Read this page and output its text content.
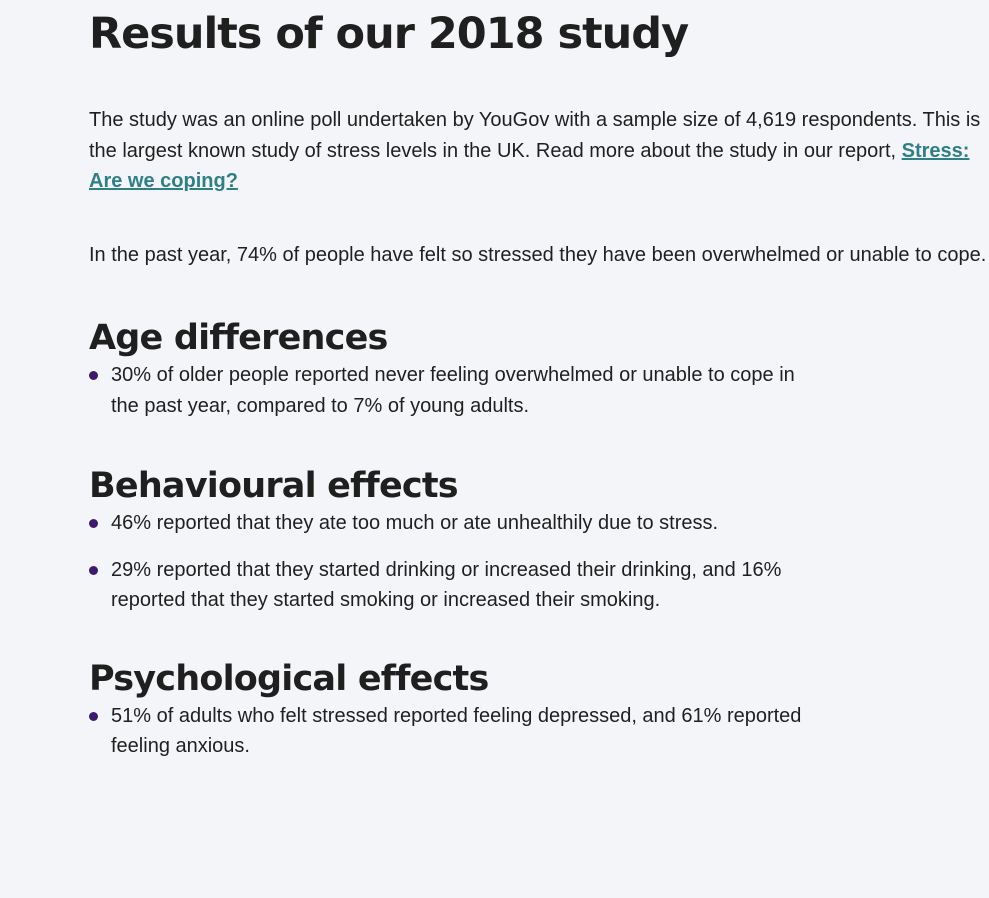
Results of our 2018 study

The study was an online poll undertaken by YouGov with a sample size of 4,619 respondents. This is the largest known study of stress levels in the UK. Read more about the study in our report, Stress: Are we coping?

In the past year, 74% of people have felt so stressed they have been overwhelmed or unable to cope.

Age differences
30% of older people reported never feeling overwhelmed or unable to cope in the past year, compared to 7% of young adults.
Behavioural effects
46% reported that they ate too much or ate unhealthily due to stress.
29% reported that they started drinking or increased their drinking, and 16% reported that they started smoking or increased their smoking.
Psychological effects
51% of adults who felt stressed reported feeling depressed, and 61% reported feeling anxious.
